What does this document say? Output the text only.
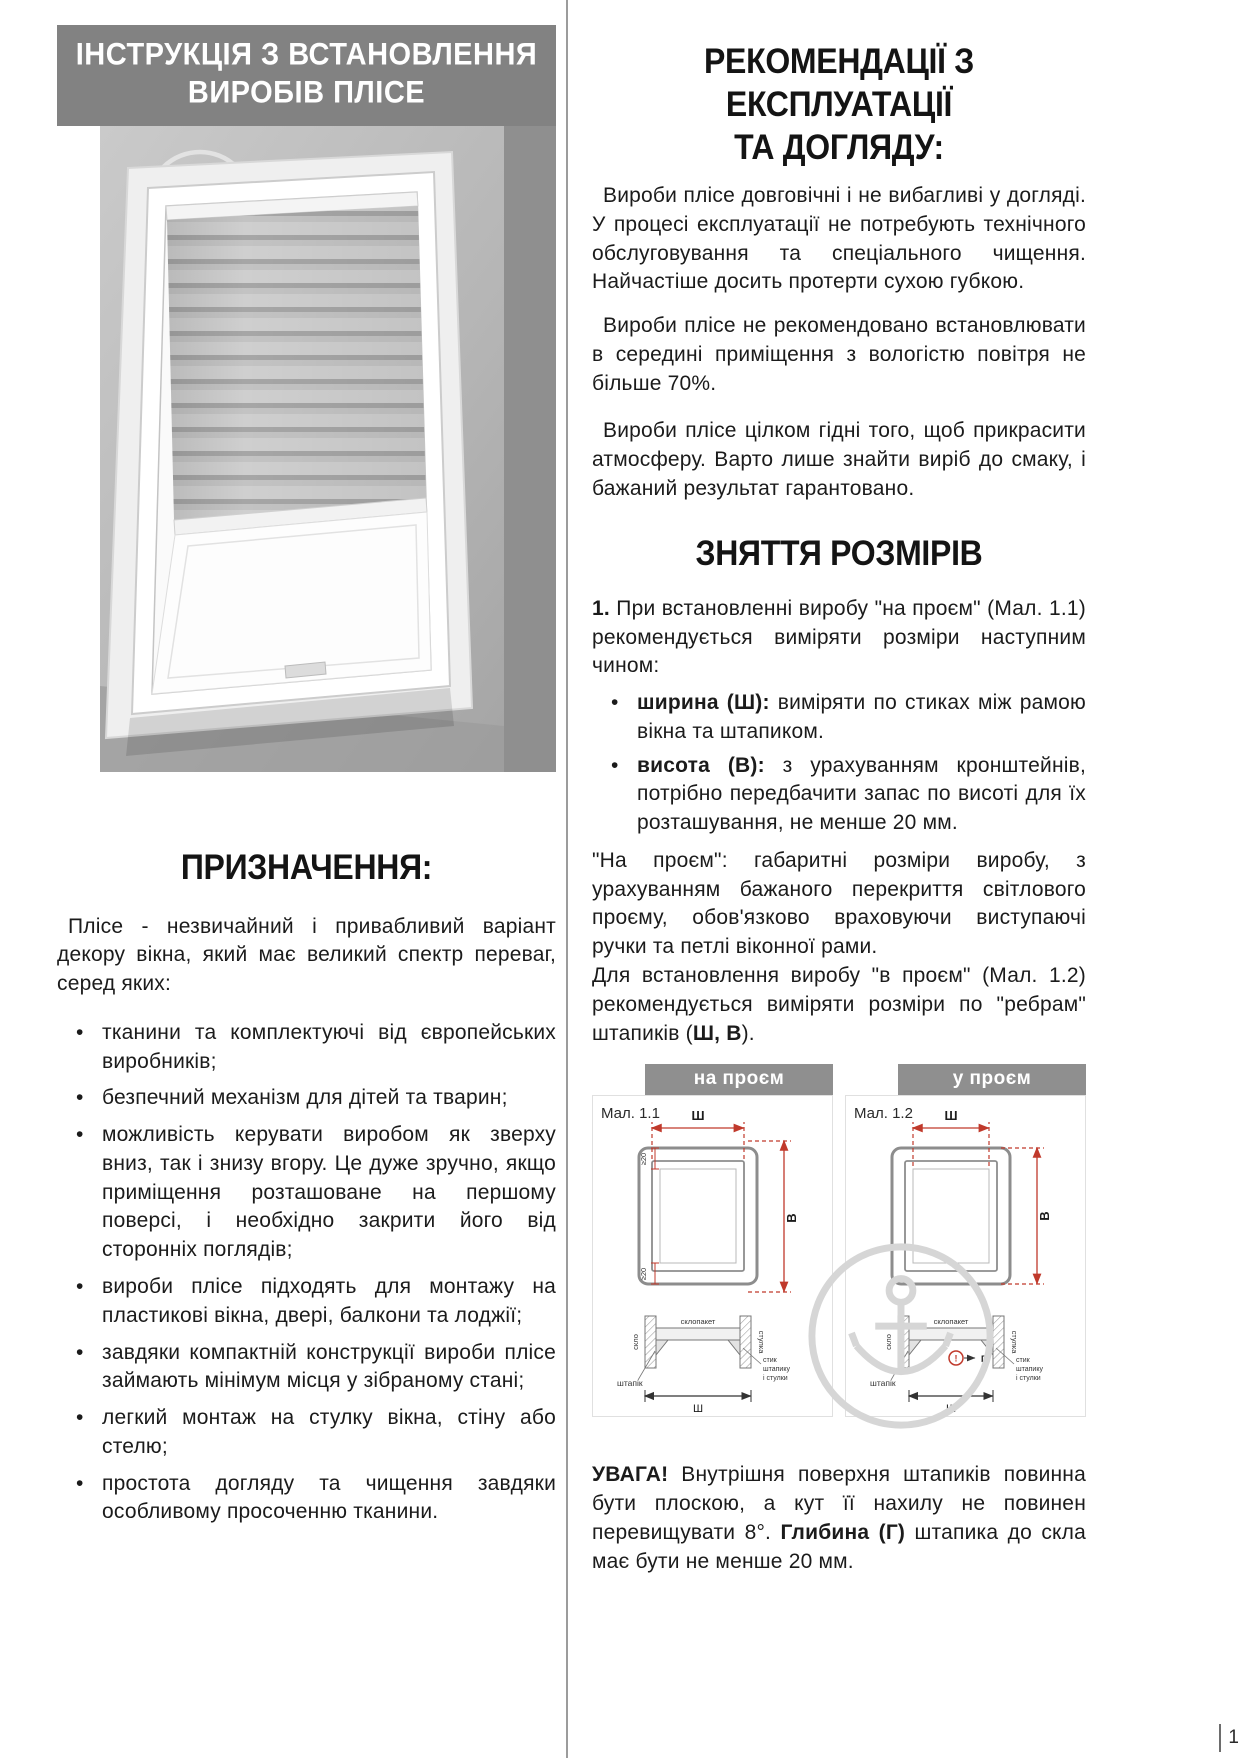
ІНСТРУКЦІЯ З ВСТАНОВЛЕННЯ
ВИРОБІВ ПЛІСЕ
ПРИЗНАЧЕННЯ:

Плісе - незвичайний і привабливий варіант декору вікна, який має великий спектр переваг, серед яких:

• тканини та комплектуючі від європейських виробників;
• безпечний механізм для дітей та тварин;
• можливість керувати виробом як зверху вниз, так і знизу вгору. Це дуже зручно, якщо приміщення розташоване на першому поверсі, і необхідно закрити його від сторонніх поглядів;
• вироби плісе підходять для монтажу на пластикові вікна, двері, балкони та лоджії;
• завдяки компактній конструкції вироби плісе займають мінімум місця у зібраному стані;
• легкий монтаж на стулку вікна, стіну або стелю;
• простота догляду та чищення завдяки особливому просоченню тканини.
РЕКОМЕНДАЦІЇ З ЕКСПЛУАТАЦІЇ
ТА ДОГЛЯДУ:

Вироби плісе довговічні і не вибагливі у догляді. У процесі експлуатації не потребують технічного обслуговування та спеціального чищення. Найчастіше досить протерти сухою губкою.

Вироби плісе не рекомендовано встановлювати в середині приміщення з вологістю повітря не більше 70%.

Вироби плісе цілком гідні того, щоб прикрасити атмосферу. Варто лише знайти виріб до смаку, і бажаний результат гарантовано.

ЗНЯТТЯ РОЗМІРІВ

1. При встановленні виробу "на проєм" (Мал. 1.1) рекомендується виміряти розміри наступним чином:

• ширина (Ш): виміряти по стиках між рамою вікна та штапиком.
• висота (В): з урахуванням кронштейнів, потрібно передбачити запас по висоті для їх розташування, не менше 20 мм.

"На проєм": габаритні розміри виробу, з урахуванням бажаного перекриття світлового проєму, обов'язково враховуючи виступаючі ручки та петлі віконної рами.

Для встановлення виробу "в проєм" (Мал. 1.2) рекомендується виміряти розміри по "ребрам" штапиків (Ш, В).

на проєм
Мал. 1.1 Ш
В
≥20
≥20
склопакет
скло	стулка
штапік
стик
штапику
і стулки
Ш
у проєм
Мал. 1.2 Ш
В
склопакет
скло	стулка
штапік
стик
штапику
і стулки
!	Г
Ш

УВАГА! Внутрішня поверхня штапиків повинна бути плоскою, а кут її нахилу не повинен перевищувати 8°. Глибина (Г) штапика до скла має бути не менше 20 мм.

1
